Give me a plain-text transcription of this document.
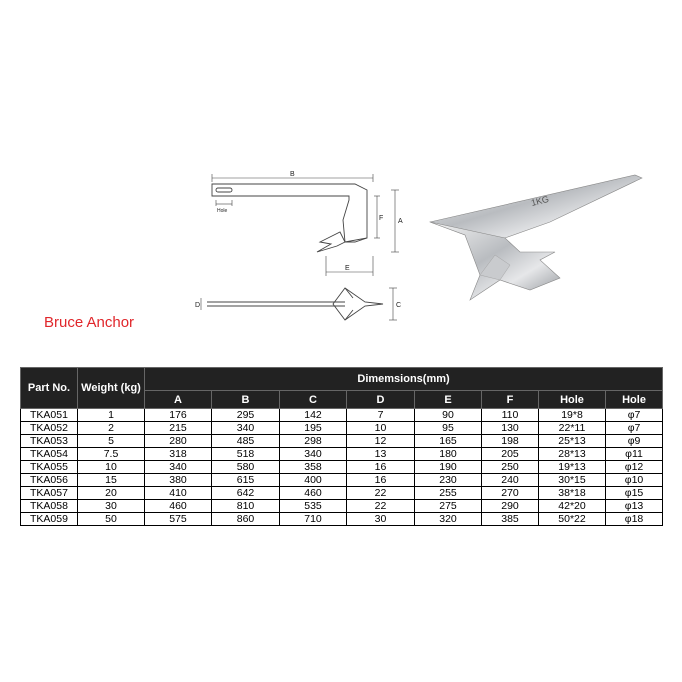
B
A
F
E
Hole
D	C
1KG
Bruce Anchor
Part No.	Weight (kg)	Dimemsions(mm)							
		A	B	C	D	E	F	Hole	Hole
TKA051	1	176	295	142	7	90	110	19*8	φ7
TKA052	2	215	340	195	10	95	130	22*11	φ7
TKA053	5	280	485	298	12	165	198	25*13	φ9
TKA054	7.5	318	518	340	13	180	205	28*13	φ11
TKA055	10	340	580	358	16	190	250	19*13	φ12
TKA056	15	380	615	400	16	230	240	30*15	φ10
TKA057	20	410	642	460	22	255	270	38*18	φ15
TKA058	30	460	810	535	22	275	290	42*20	φ13
TKA059	50	575	860	710	30	320	385	50*22	φ18
